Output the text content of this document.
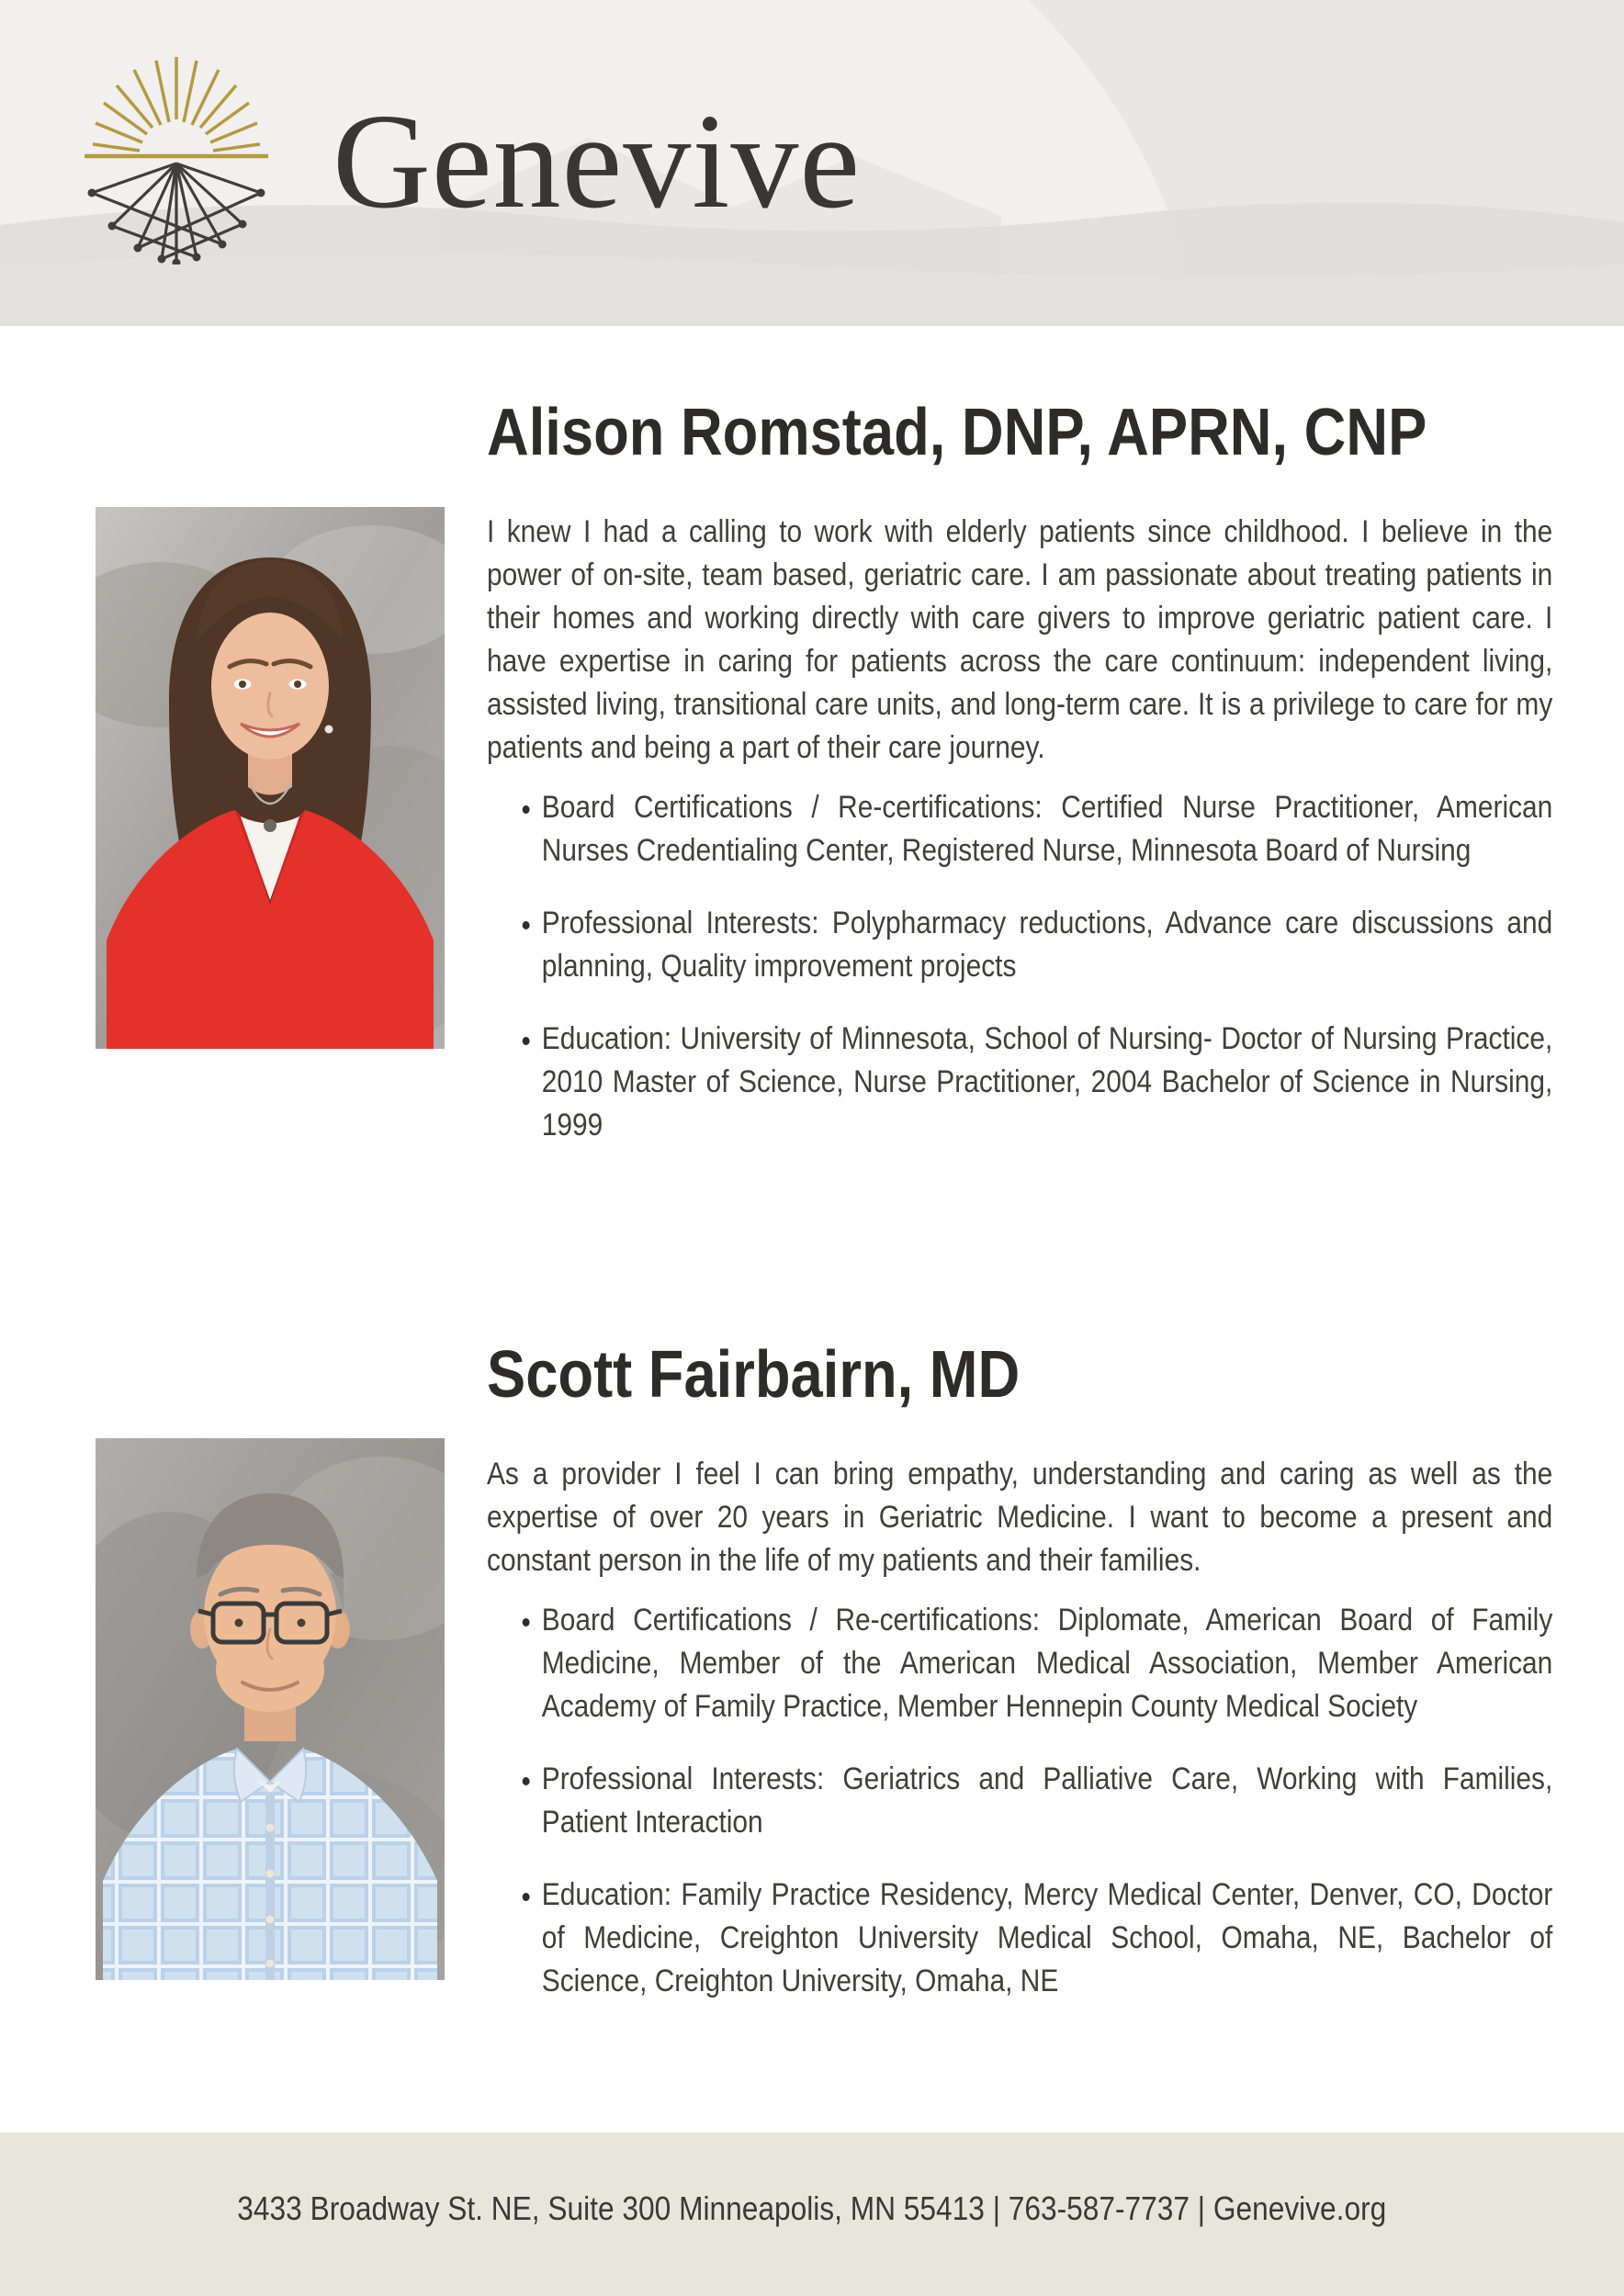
Genevive
Alison Romstad, DNP, APRN, CNP

I knew I had a calling to work with elderly patients since childhood. I believe in the power of on-site, team based, geriatric care. I am passionate about treating patients in their homes and working directly with care givers to improve geriatric patient care. I have expertise in caring for patients across the care continuum: independent living, assisted living, transitional care units, and long-term care. It is a privilege to care for my patients and being a part of their care journey.

• Board Certifications / Re-certifications: Certified Nurse Practitioner, American Nurses Credentialing Center, Registered Nurse, Minnesota Board of Nursing
• Professional Interests: Polypharmacy reductions, Advance care discussions and planning, Quality improvement projects
• Education: University of Minnesota, School of Nursing- Doctor of Nursing Practice, 2010 Master of Science, Nurse Practitioner, 2004 Bachelor of Science in Nursing, 1999
Scott Fairbairn, MD

As a provider I feel I can bring empathy, understanding and caring as well as the expertise of over 20 years in Geriatric Medicine. I want to become a present and constant person in the life of my patients and their families.

• Board Certifications / Re-certifications: Diplomate, American Board of Family Medicine, Member of the American Medical Association, Member American Academy of Family Practice, Member Hennepin County Medical Society
• Professional Interests: Geriatrics and Palliative Care, Working with Families, Patient Interaction
• Education: Family Practice Residency, Mercy Medical Center, Denver, CO, Doctor of Medicine, Creighton University Medical School, Omaha, NE, Bachelor of Science, Creighton University, Omaha, NE
3433 Broadway St. NE, Suite 300 Minneapolis, MN 55413 | 763-587-7737 | Genevive.org
